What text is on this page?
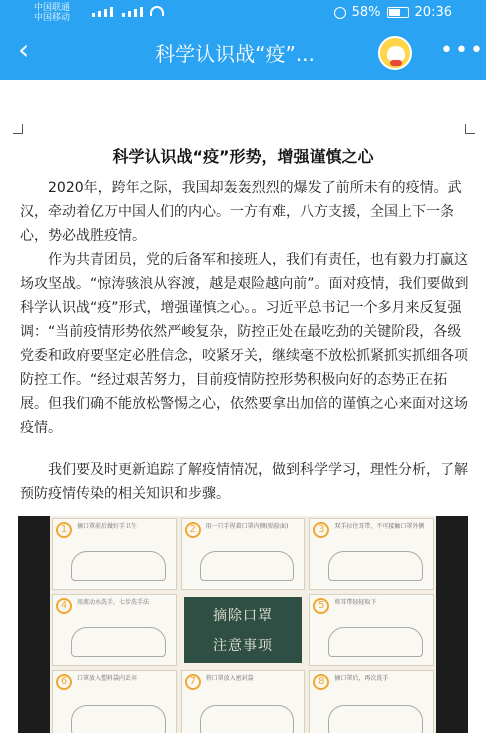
中国联通
中国移动	58%	20:36
‹	科学认识战“疫”...	•••
科学认识战“疫”形势，增强谨慎之心

2020年，跨年之际，我国却轰轰烈烈的爆发了前所未有的疫情。武汉，牵动着亿万中国人们的内心。一方有难，八方支援，全国上下一条心，势必战胜疫情。

作为共青团员，党的后备军和接班人，我们有责任，也有毅力打赢这场攻坚战。“惊涛骇浪从容渡，越是艰险越向前”。面对疫情，我们要做到科学认识战“疫”形式，增强谨慎之心。。习近平总书记一个多月来反复强调：“当前疫情形势依然严峻复杂，防控正处在最吃劲的关键阶段，各级党委和政府要坚定必胜信念，咬紧牙关，继续毫不放松抓紧抓实抓细各项防控工作。“经过艰苦努力，目前疫情防控形势积极向好的态势正在拓展。但我们确不能放松警惕之心，依然要拿出加倍的谨慎之心来面对这场疫情。

我们要及时更新追踪了解疫情情况，做到科学学习，理性分析，了解预防疫情传染的相关知识和步骤。

1	摘口罩前后做好手卫生	2	用一只手捏着口罩内侧(贴脸面)	3	双手拉住耳带，不可接触口罩外侧
4	用流动水洗手，七步洗手法
摘除口罩
注意事项
5	将耳带轻轻取下
6	口罩放入塑料袋内丢弃	7	将口罩放入密封袋	8	摘口罩后，再次洗手
